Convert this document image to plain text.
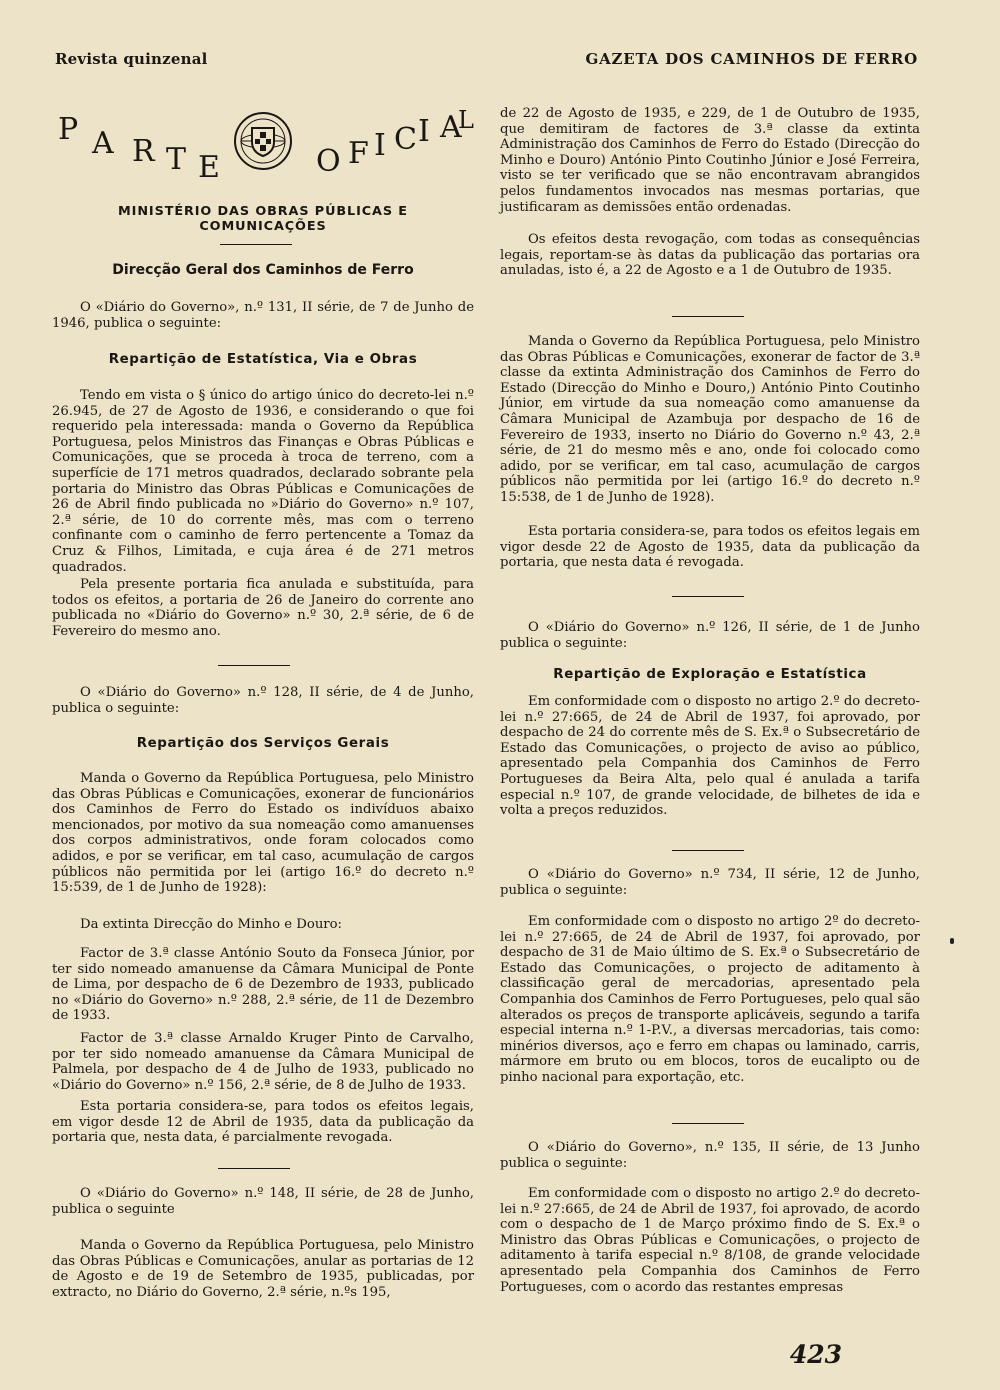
Revista quinzenal	GAZETA DOS CAMINHOS DE FERRO
P A R T E	O F I C I A
L
MINISTÉRIO DAS OBRAS PÚBLICAS E COMUNICAÇÕES
Direcção Geral dos Caminhos de Ferro

O «Diário do Governo», n.º 131, II série, de 7 de Junho de 1946, publica o seguinte:

Repartição de Estatística, Via e Obras

Tendo em vista o § único do artigo único do decreto-lei n.º 26.945, de 27 de Agosto de 1936, e considerando o que foi requerido pela interessada: manda o Governo da República Portuguesa, pelos Ministros das Finanças e Obras Públicas e Comunicações, que se proceda à troca de terreno, com a superfície de 171 metros quadrados, declarado sobrante pela portaria do Ministro das Obras Públicas e Comunicações de 26 de Abril findo publicada no »Diário do Governo» n.º 107, 2.ª série, de 10 do corrente mês, mas com o terreno confinante com o caminho de ferro pertencente a Tomaz da Cruz & Filhos, Limitada, e cuja área é de 271 metros quadrados.

Pela presente portaria fica anulada e substituída, para todos os efeitos, a portaria de 26 de Janeiro do corrente ano publicada no «Diário do Governo» n.º 30, 2.ª série, de 6 de Fevereiro do mesmo ano.

O «Diário do Governo» n.º 128, II série, de 4 de Junho, publica o seguinte:

Repartição dos Serviços Gerais

Manda o Governo da República Portuguesa, pelo Ministro das Obras Públicas e Comunicações, exonerar de funcionários dos Caminhos de Ferro do Estado os indivíduos abaixo mencionados, por motivo da sua nomeação como amanuenses dos corpos administrativos, onde foram colocados como adidos, e por se verificar, em tal caso, acumulação de cargos públicos não permitida por lei (artigo 16.º do decreto n.º 15:539, de 1 de Junho de 1928):

Da extinta Direcção do Minho e Douro:

Factor de 3.ª classe António Souto da Fonseca Júnior, por ter sido nomeado amanuense da Câmara Municipal de Ponte de Lima, por despacho de 6 de Dezembro de 1933, publicado no «Diário do Governo» n.º 288, 2.ª série, de 11 de Dezembro de 1933.

Factor de 3.ª classe Arnaldo Kruger Pinto de Carvalho, por ter sido nomeado amanuense da Câmara Municipal de Palmela, por despacho de 4 de Julho de 1933, publicado no «Diário do Governo» n.º 156, 2.ª série, de 8 de Julho de 1933.

Esta portaria considera-se, para todos os efeitos legais, em vigor desde 12 de Abril de 1935, data da publicação da portaria que, nesta data, é parcialmente revogada.

O «Diário do Governo» n.º 148, II série, de 28 de Junho, publica o seguinte

Manda o Governo da República Portuguesa, pelo Ministro das Obras Públicas e Comunicações, anular as portarias de 12 de Agosto e de 19 de Setembro de 1935, publicadas, por extracto, no Diário do Governo, 2.ª série, n.ºs 195,

de 22 de Agosto de 1935, e 229, de 1 de Outubro de 1935, que demitiram de factores de 3.ª classe da extinta Administração dos Caminhos de Ferro do Estado (Direcção do Minho e Douro) António Pinto Coutinho Júnior e José Ferreira, visto se ter verificado que se não encontravam abrangidos pelos fundamentos invocados nas mesmas portarias, que justificaram as demissões então ordenadas.

Os efeitos desta revogação, com todas as consequências legais, reportam-se às datas da publicação das portarias ora anuladas, isto é, a 22 de Agosto e a 1 de Outubro de 1935.

Manda o Governo da República Portuguesa, pelo Ministro das Obras Públicas e Comunicações, exonerar de factor de 3.ª classe da extinta Administração dos Caminhos de Ferro do Estado (Direcção do Minho e Douro,) António Pinto Coutinho Júnior, em virtude da sua nomeação como amanuense da Câmara Municipal de Azambuja por despacho de 16 de Fevereiro de 1933, inserto no Diário do Governo n.º 43, 2.ª série, de 21 do mesmo mês e ano, onde foi colocado como adido, por se verificar, em tal caso, acumulação de cargos públicos não permitida por lei (artigo 16.º do decreto n.º 15:538, de 1 de Junho de 1928).

Esta portaria considera-se, para todos os efeitos legais em vigor desde 22 de Agosto de 1935, data da publicação da portaria, que nesta data é revogada.

O «Diário do Governo» n.º 126, II série, de 1 de Junho publica o seguinte:

Repartição de Exploração e Estatística

Em conformidade com o disposto no artigo 2.º do decreto-lei n.º 27:665, de 24 de Abril de 1937, foi aprovado, por despacho de 24 do corrente mês de S. Ex.ª o Subsecretário de Estado das Comunicações, o projecto de aviso ao público, apresentado pela Companhia dos Caminhos de Ferro Portugueses da Beira Alta, pelo qual é anulada a tarifa especial n.º 107, de grande velocidade, de bilhetes de ida e volta a preços reduzidos.

O «Diário do Governo» n.º 734, II série, 12 de Junho, publica o seguinte:

Em conformidade com o disposto no artigo 2º do decreto-lei n.º 27:665, de 24 de Abril de 1937, foi aprovado, por despacho de 31 de Maio último de S. Ex.ª o Subsecretário de Estado das Comunicações, o projecto de aditamento à classificação geral de mercadorias, apresentado pela Companhia dos Caminhos de Ferro Portugueses, pelo qual são alterados os preços de transporte aplicáveis, segundo a tarifa especial interna n.º 1-P.V., a diversas mercadorias, tais como: minérios diversos, aço e ferro em chapas ou laminado, carris, mármore em bruto ou em blocos, toros de eucalipto ou de pinho nacional para exportação, etc.

O «Diário do Governo», n.º 135, II série, de 13 Junho publica o seguinte:

Em conformidade com o disposto no artigo 2.º do decreto-lei n.º 27:665, de 24 de Abril de 1937, foi aprovado, de acordo com o despacho de 1 de Março próximo findo de S. Ex.ª o Ministro das Obras Públicas e Comunicações, o projecto de aditamento à tarifa especial n.º 8/108, de grande velocidade apresentado pela Companhia dos Caminhos de Ferro Portugueses, com o acordo das restantes empresas

423
